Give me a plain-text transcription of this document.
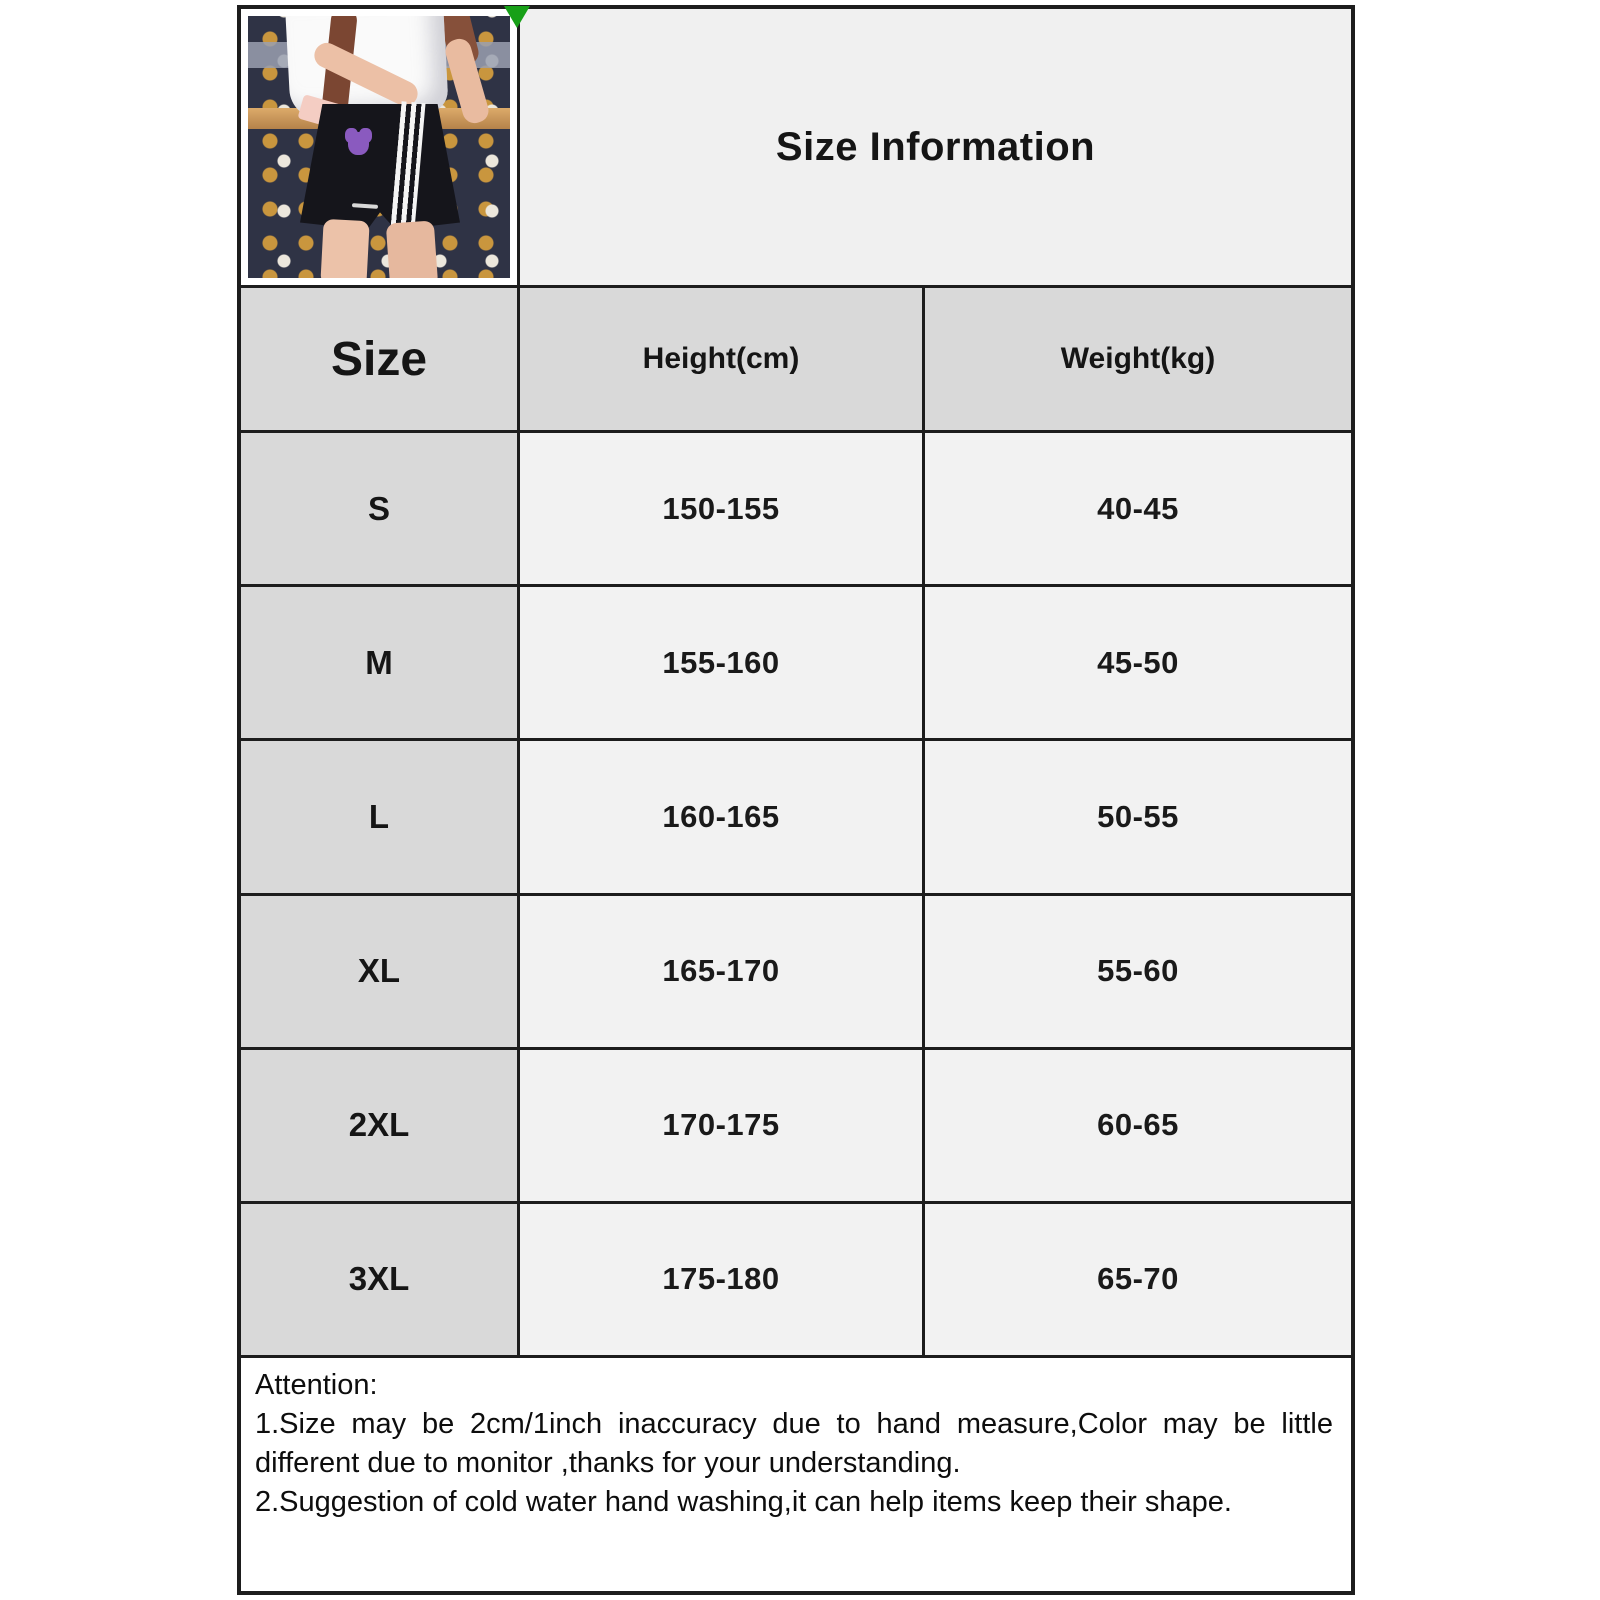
Size Information
Size	Height(cm)	Weight(kg)
S	150-155	40-45
M	155-160	45-50
L	160-165	50-55
XL	165-170	55-60
2XL	170-175	60-65
3XL	175-180	65-70

Attention:

1.Size may be 2cm/1inch inaccuracy due to hand measure,Color may be little different due to monitor ,thanks for your understanding.

2.Suggestion of cold water hand washing,it can help items keep their shape.
